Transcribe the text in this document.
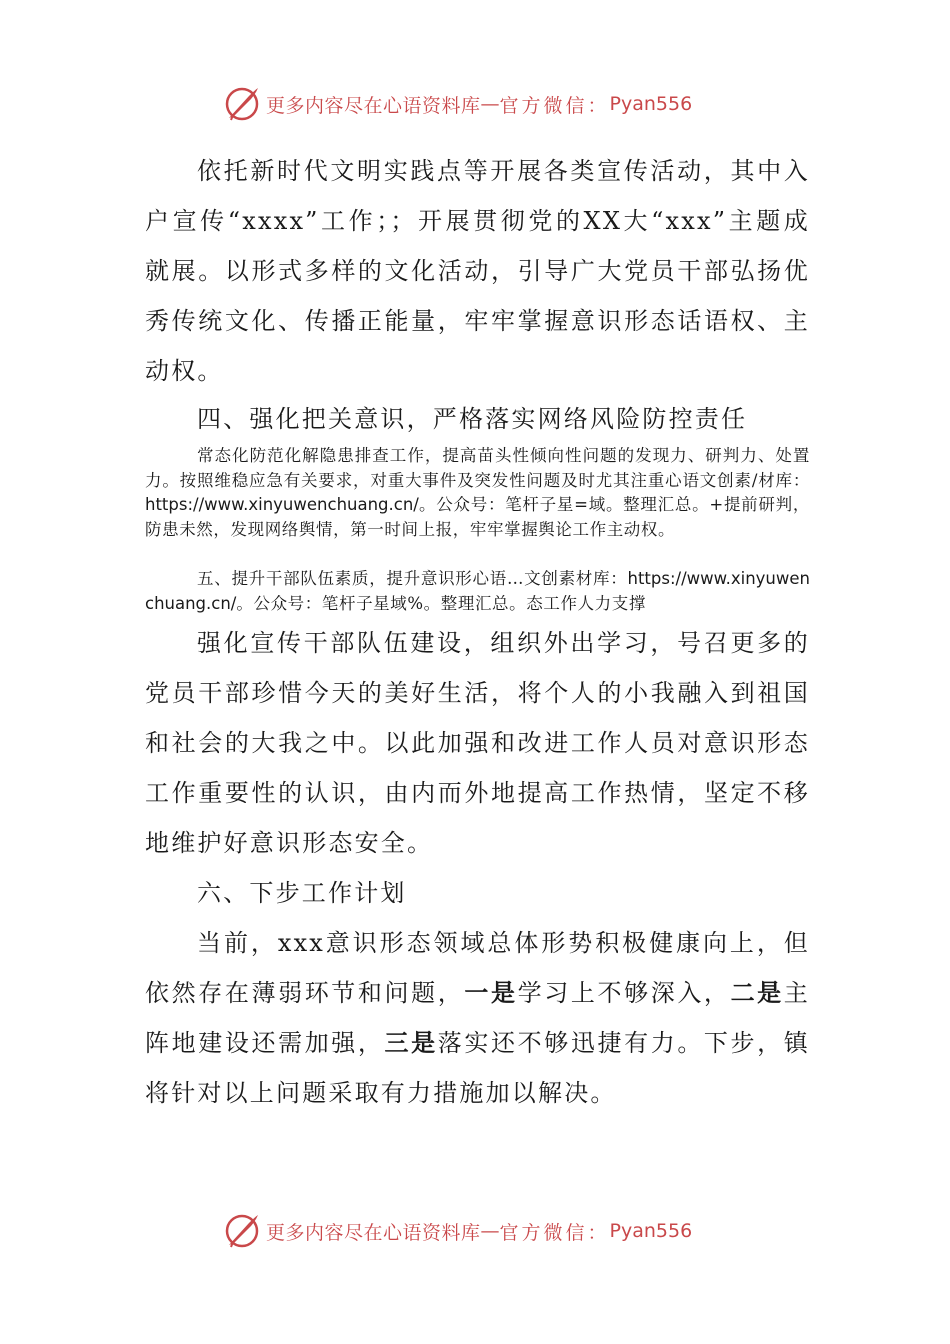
更多内容尽在心语资料库 — 官方微信： Pyan556

依托新时代文明实践点等开展各类宣传活动，其中入户宣传“xxxx”工作；；开展贯彻党的XX大“xxx”主题成就展。以形式多样的文化活动，引导广大党员干部弘扬优秀传统文化、传播正能量，牢牢掌握意识形态话语权、主动权。

四、强化把关意识，严格落实网络风险防控责任

常态化防范化解隐患排查工作，提高苗头性倾向性问题的发现力、研判力、处置力。按照维稳应急有关要求，对重大事件及突发性问题及时尤其注重心语文创素/材库：https://www.xinyuwenchuang.cn/。公众号：笔杆子星=域。整理汇总。+提前研判，防患未然，发现网络舆情，第一时间上报，牢牢掌握舆论工作主动权。

五、提升干部队伍素质，提升意识形心语…文创素材库：https://www.xinyuwenchuang.cn/。公众号：笔杆子星域%。整理汇总。态工作人力支撑

强化宣传干部队伍建设，组织外出学习，号召更多的党员干部珍惜今天的美好生活，将个人的小我融入到祖国和社会的大我之中。以此加强和改进工作人员对意识形态工作重要性的认识，由内而外地提高工作热情，坚定不移地维护好意识形态安全。

六、下步工作计划

当前，xxx意识形态领域总体形势积极健康向上，但依然存在薄弱环节和问题，一是学习上不够深入，二是主阵地建设还需加强，三是落实还不够迅捷有力。下步，镇将针对以上问题采取有力措施加以解决。

更多内容尽在心语资料库 — 官方微信： Pyan556
